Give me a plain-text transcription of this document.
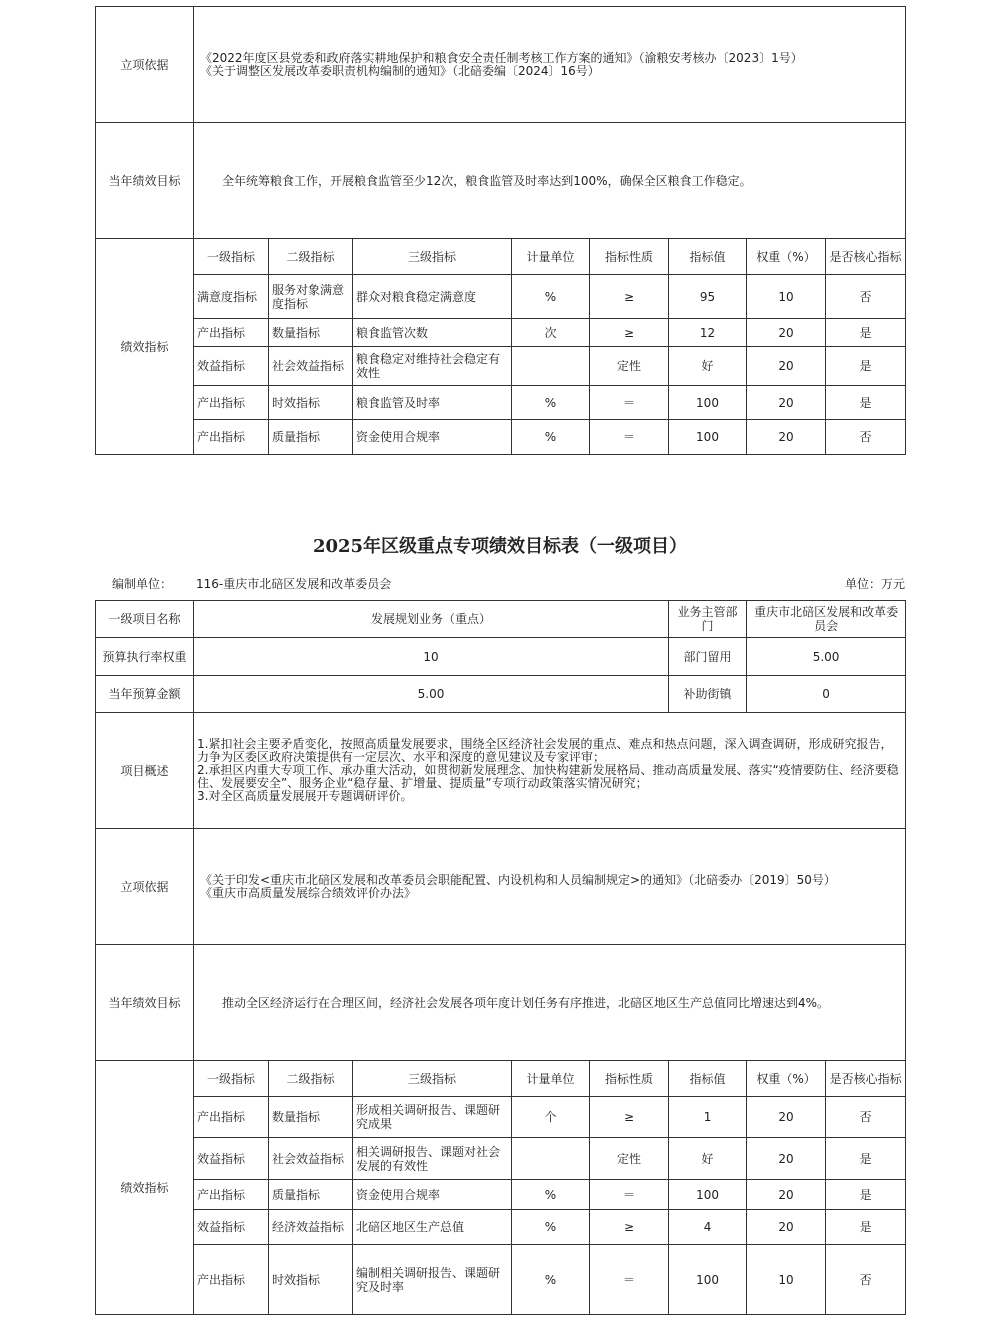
立项依据	《2022年度区县党委和政府落实耕地保护和粮食安全责任制考核工作方案的通知》（渝粮安考核办〔2023〕1号）
《关于调整区发展改革委职责机构编制的通知》（北碚委编〔2024〕16号）							

当年绩效目标	全年统筹粮食工作，开展粮食监管至少12次，粮食监管及时率达到100%，确保全区粮食工作稳定。							
绩效指标	一级指标	二级指标	三级指标	计量单位	指标性质	指标值	权重（%）	是否核心指标
	满意度指标	服务对象满意度指标	群众对粮食稳定满意度	%	≥	95	10	否
	产出指标	数量指标	粮食监管次数	次	≥	12	20	是
	效益指标	社会效益指标	粮食稳定对维持社会稳定有效性		定性	好	20	是
	产出指标	时效指标	粮食监管及时率	%	＝	100	20	是
	产出指标	质量指标	资金使用合规率	%	＝	100	20	否
2025年区级重点专项绩效目标表（一级项目）
编制单位： 116-重庆市北碚区发展和改革委员会	单位：万元
一级项目名称	发展规划业务（重点）					业务主管部门	重庆市北碚区发展和改革委员会	
预算执行率权重	10					部门留用	5.00	
当年预算金额	5.00					补助街镇	0	
项目概述	1.紧扣社会主要矛盾变化，按照高质量发展要求，围绕全区经济社会发展的重点、难点和热点问题，深入调查调研，形成研究报告，力争为区委区政府决策提供有一定层次、水平和深度的意见建议及专家评审；
2.承担区内重大专项工作、承办重大活动，如贯彻新发展理念、加快构建新发展格局、推动高质量发展、落实“疫情要防住、经济要稳住、发展要安全”、服务企业“稳存量、扩增量、提质量”专项行动政策落实情况研究；
3.对全区高质量发展展开专题调研评价。							

立项依据	《关于印发<重庆市北碚区发展和改革委员会职能配置、内设机构和人员编制规定>的通知》（北碚委办〔2019〕50号）
《重庆市高质量发展综合绩效评价办法》							

当年绩效目标	推动全区经济运行在合理区间，经济社会发展各项年度计划任务有序推进，北碚区地区生产总值同比增速达到4%。							
绩效指标	一级指标	二级指标	三级指标	计量单位	指标性质	指标值	权重（%）	是否核心指标
	产出指标	数量指标	形成相关调研报告、课题研究成果	个	≥	1	20	否
	效益指标	社会效益指标	相关调研报告、课题对社会发展的有效性		定性	好	20	是
	产出指标	质量指标	资金使用合规率	%	＝	100	20	是
	效益指标	经济效益指标	北碚区地区生产总值	%	≥	4	20	是
	产出指标	时效指标	编制相关调研报告、课题研究及时率	%	＝	100	10	否
